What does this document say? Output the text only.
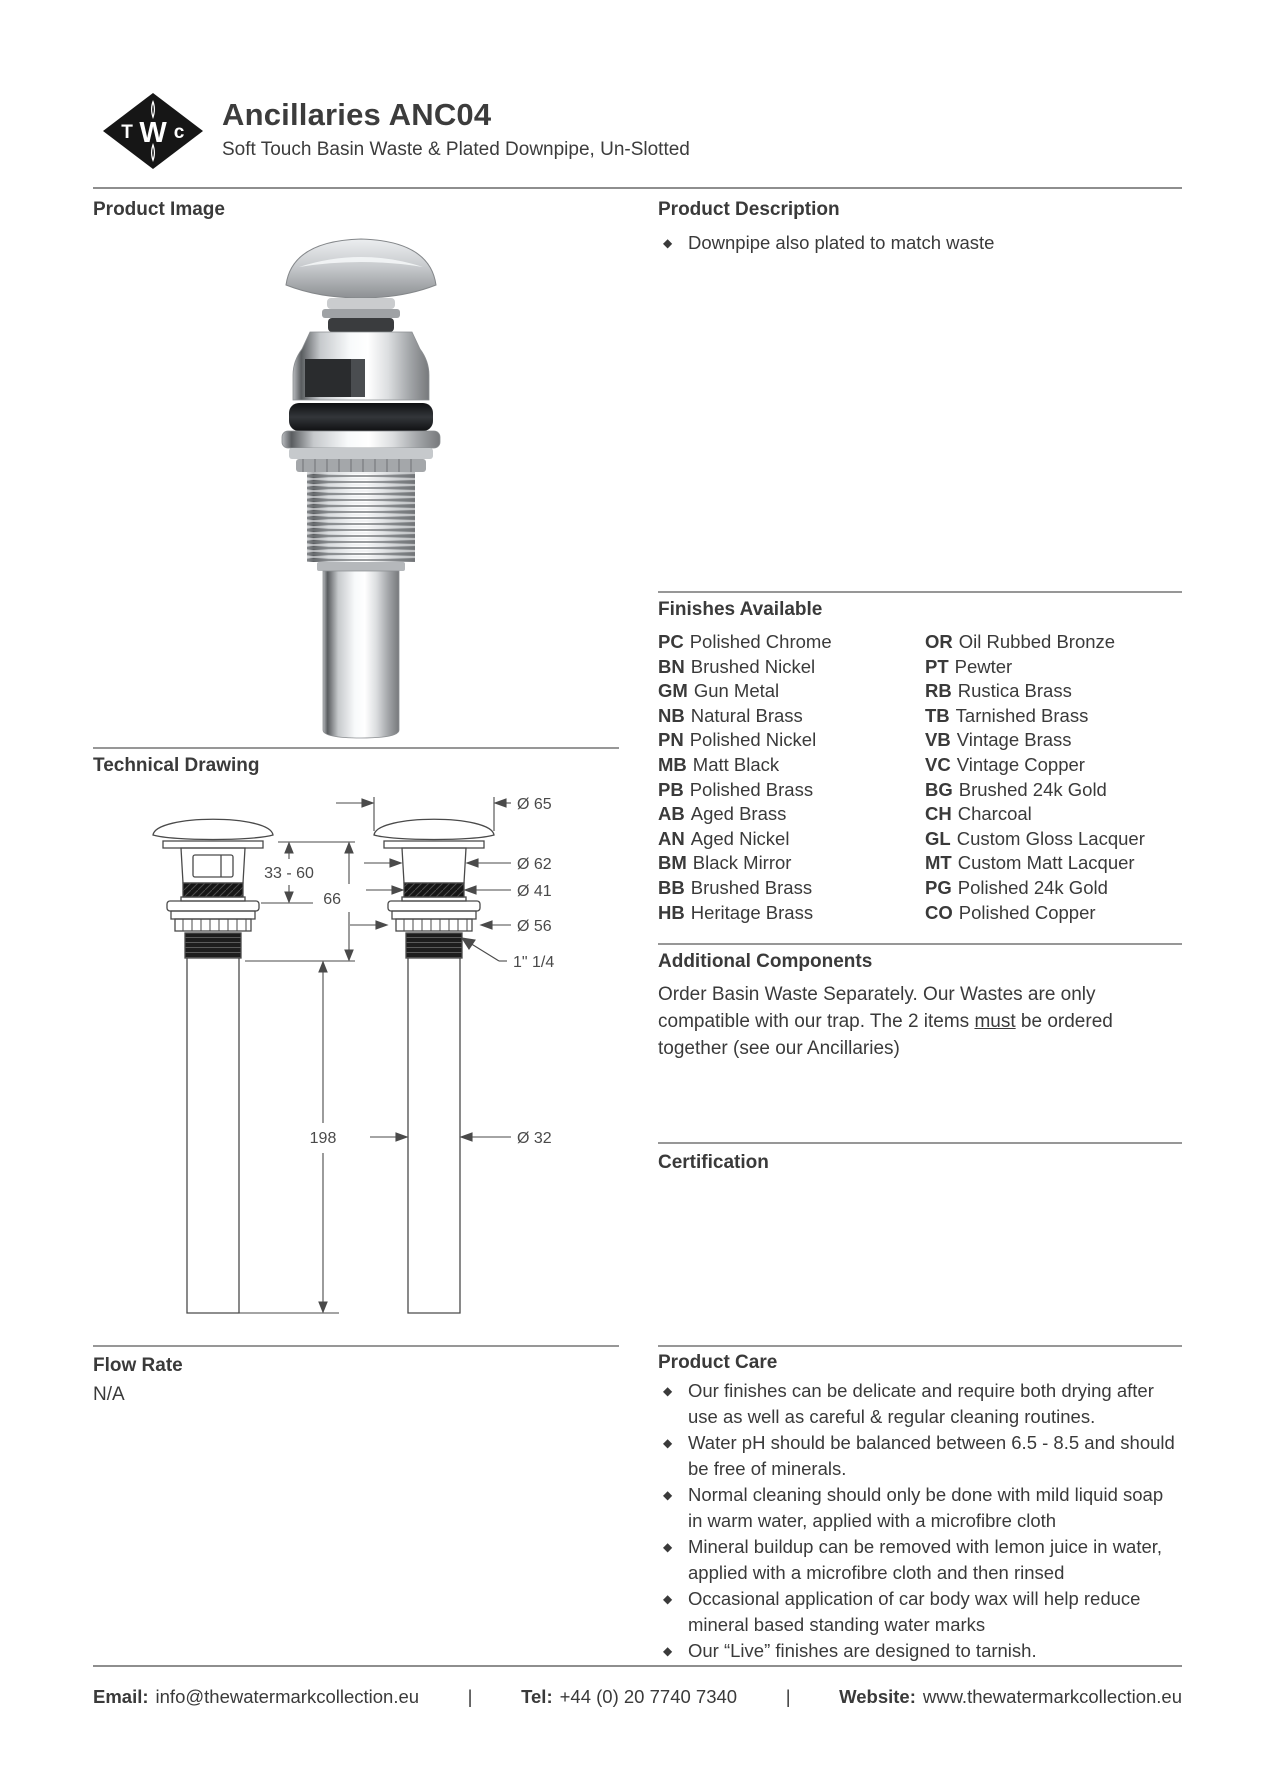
T W c
Ancillaries ANC04
Soft Touch Basin Waste & Plated Downpipe, Un-Slotted
Product Image
Technical Drawing
33 - 60
66
198
Ø 65
Ø 62
Ø 41
Ø 56
1" 1/4
Ø 32
Flow Rate
N/A
Product Description
◆ Downpipe also plated to match waste
Finishes Available
PC Polished Chrome
BN Brushed Nickel
GM Gun Metal
NB Natural Brass
PN Polished Nickel
MB Matt Black
PB Polished Brass
AB Aged Brass
AN Aged Nickel
BM Black Mirror
BB Brushed Brass
HB Heritage Brass
OR Oil Rubbed Bronze
PT Pewter
RB Rustica Brass
TB Tarnished Brass
VB Vintage Brass
VC Vintage Copper
BG Brushed 24k Gold
CH Charcoal
GL Custom Gloss Lacquer
MT Custom Matt Lacquer
PG Polished 24k Gold
CO Polished Copper
Additional Components
Order Basin Waste Separately. Our Wastes are only compatible with our trap. The 2 items must be ordered together (see our Ancillaries)
Certification
Product Care
◆ Our finishes can be delicate and require both drying after use as well as careful & regular cleaning routines.
◆ Water pH should be balanced between 6.5 - 8.5 and should be free of minerals.
◆ Normal cleaning should only be done with mild liquid soap in warm water, applied with a microfibre cloth
◆ Mineral buildup can be removed with lemon juice in water, applied with a microfibre cloth and then rinsed
◆ Occasional application of car body wax will help reduce mineral based standing water marks
◆ Our “Live” finishes are designed to tarnish.
Email: info@thewatermarkcollection.eu	|	Tel: +44 (0) 20 7740 7340	|	Website: www.thewatermarkcollection.eu
